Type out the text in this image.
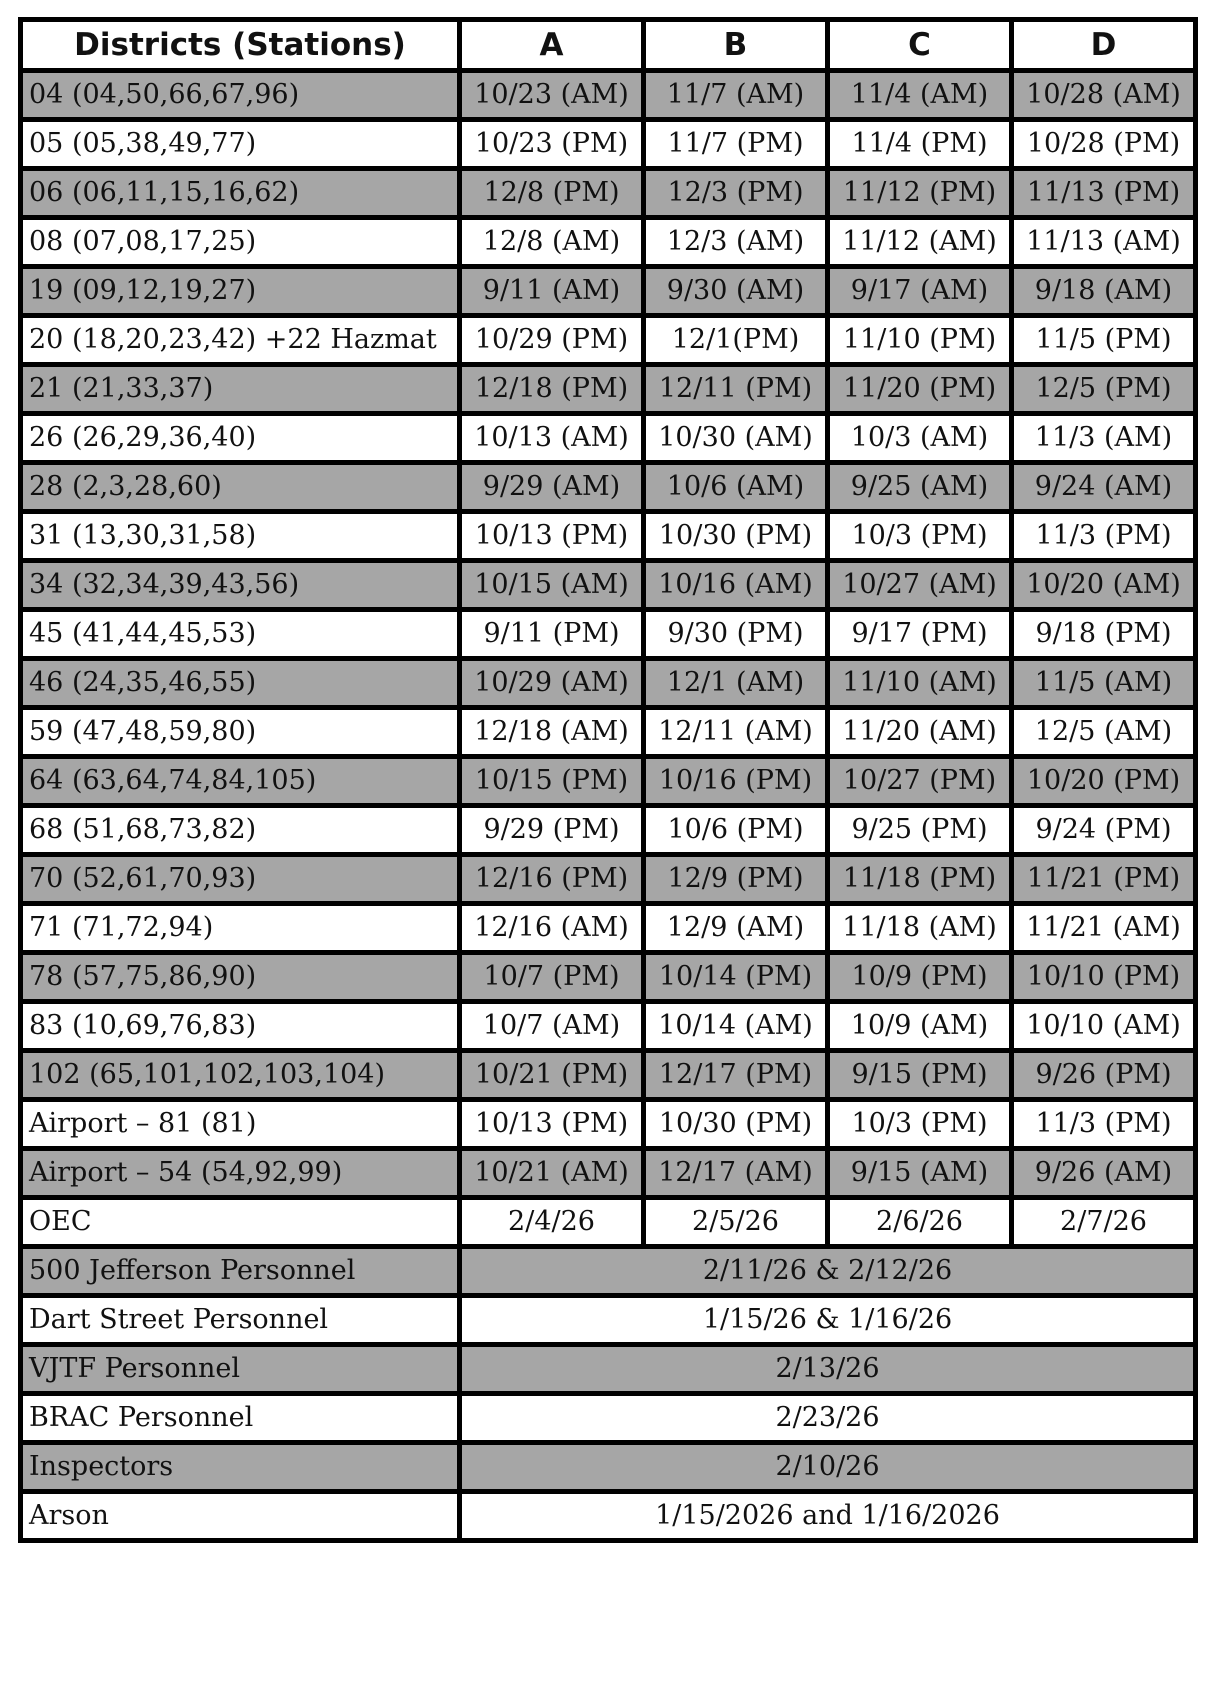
Districts (Stations)	A	B	C	D
04 (04,50,66,67,96)	10/23 (AM)	11/7 (AM)	11/4 (AM)	10/28 (AM)
05 (05,38,49,77)	10/23 (PM)	11/7 (PM)	11/4 (PM)	10/28 (PM)
06 (06,11,15,16,62)	12/8 (PM)	12/3 (PM)	11/12 (PM)	11/13 (PM)
08 (07,08,17,25)	12/8 (AM)	12/3 (AM)	11/12 (AM)	11/13 (AM)
19 (09,12,19,27)	9/11 (AM)	9/30 (AM)	9/17 (AM)	9/18 (AM)
20 (18,20,23,42) +22 Hazmat	10/29 (PM)	12/1(PM)	11/10 (PM)	11/5 (PM)
21 (21,33,37)	12/18 (PM)	12/11 (PM)	11/20 (PM)	12/5 (PM)
26 (26,29,36,40)	10/13 (AM)	10/30 (AM)	10/3 (AM)	11/3 (AM)
28 (2,3,28,60)	9/29 (AM)	10/6 (AM)	9/25 (AM)	9/24 (AM)
31 (13,30,31,58)	10/13 (PM)	10/30 (PM)	10/3 (PM)	11/3 (PM)
34 (32,34,39,43,56)	10/15 (AM)	10/16 (AM)	10/27 (AM)	10/20 (AM)
45 (41,44,45,53)	9/11 (PM)	9/30 (PM)	9/17 (PM)	9/18 (PM)
46 (24,35,46,55)	10/29 (AM)	12/1 (AM)	11/10 (AM)	11/5 (AM)
59 (47,48,59,80)	12/18 (AM)	12/11 (AM)	11/20 (AM)	12/5 (AM)
64 (63,64,74,84,105)	10/15 (PM)	10/16 (PM)	10/27 (PM)	10/20 (PM)
68 (51,68,73,82)	9/29 (PM)	10/6 (PM)	9/25 (PM)	9/24 (PM)
70 (52,61,70,93)	12/16 (PM)	12/9 (PM)	11/18 (PM)	11/21 (PM)
71 (71,72,94)	12/16 (AM)	12/9 (AM)	11/18 (AM)	11/21 (AM)
78 (57,75,86,90)	10/7 (PM)	10/14 (PM)	10/9 (PM)	10/10 (PM)
83 (10,69,76,83)	10/7 (AM)	10/14 (AM)	10/9 (AM)	10/10 (AM)
102 (65,101,102,103,104)	10/21 (PM)	12/17 (PM)	9/15 (PM)	9/26 (PM)
Airport – 81 (81)	10/13 (PM)	10/30 (PM)	10/3 (PM)	11/3 (PM)
Airport – 54 (54,92,99)	10/21 (AM)	12/17 (AM)	9/15 (AM)	9/26 (AM)
OEC	2/4/26	2/5/26	2/6/26	2/7/26
500 Jefferson Personnel	2/11/26 & 2/12/26			
Dart Street Personnel	1/15/26 & 1/16/26			
VJTF Personnel	2/13/26			
BRAC Personnel	2/23/26			
Inspectors	2/10/26			
Arson	1/15/2026 and 1/16/2026			
